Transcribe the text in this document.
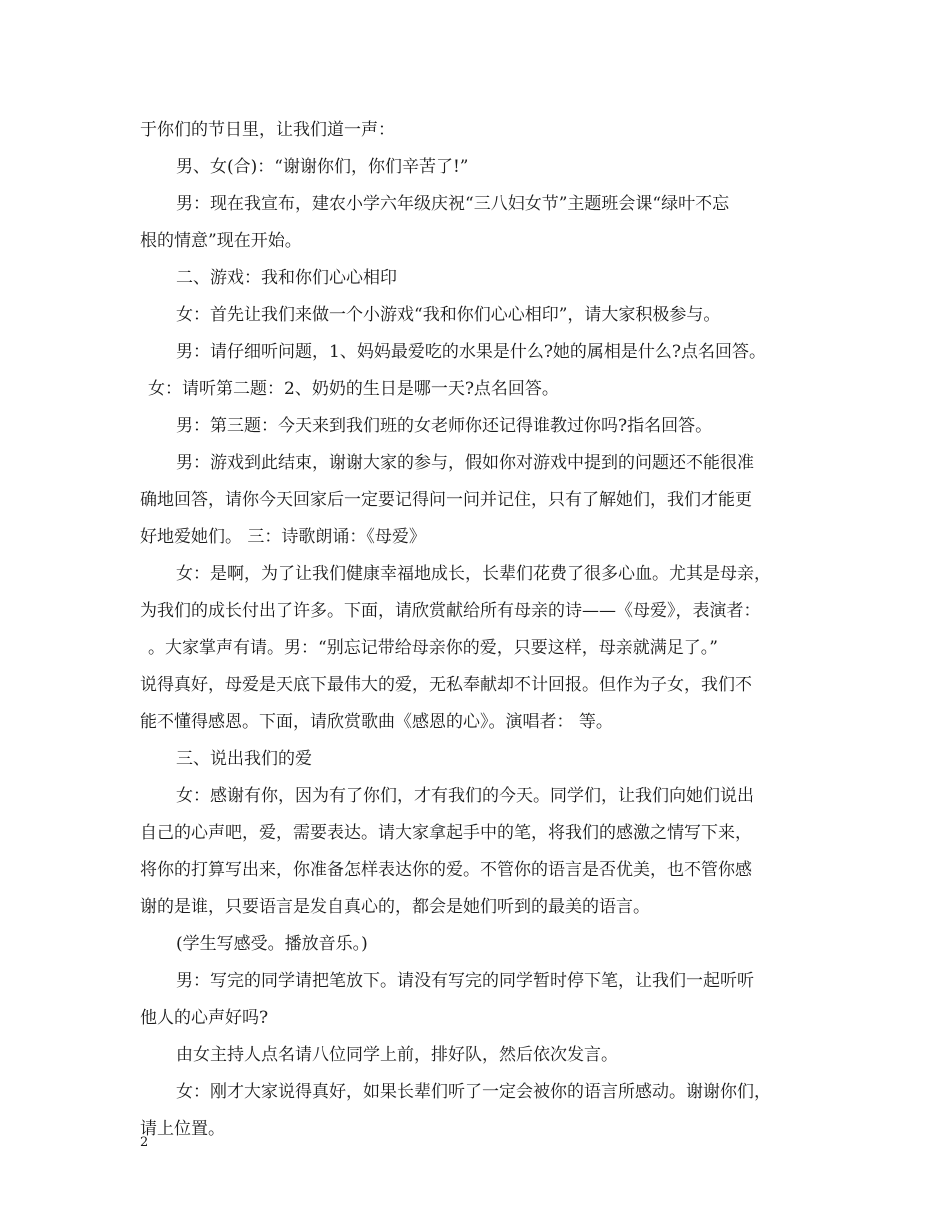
于你们的节日里，让我们道一声：
男、女(合)：“谢谢你们，你们辛苦了!”
男：现在我宣布，建农小学六年级庆祝“三八妇女节”主题班会课“绿叶不忘
根的情意”现在开始。
二、游戏：我和你们心心相印
女：首先让我们来做一个小游戏“我和你们心心相印”，请大家积极参与。
男：请仔细听问题，1、妈妈最爱吃的水果是什么?她的属相是什么?点名回答。
女：请听第二题：2、奶奶的生日是哪一天?点名回答。
男：第三题：今天来到我们班的女老师你还记得谁教过你吗?指名回答。
男：游戏到此结束，谢谢大家的参与，假如你对游戏中提到的问题还不能很准
确地回答，请你今天回家后一定要记得问一问并记住，只有了解她们，我们才能更
好地爱她们。 三：诗歌朗诵：《母爱》
女：是啊，为了让我们健康幸福地成长，长辈们花费了很多心血。尤其是母亲，
为我们的成长付出了许多。下面，请欣赏献给所有母亲的诗——《母爱》，表演者：
。大家掌声有请。男：“别忘记带给母亲你的爱，只要这样，母亲就满足了。”
说得真好，母爱是天底下最伟大的爱，无私奉献却不计回报。但作为子女，我们不
能不懂得感恩。下面，请欣赏歌曲《感恩的心》。演唱者： 等。
三、说出我们的爱
女：感谢有你，因为有了你们，才有我们的今天。同学们，让我们向她们说出
自己的心声吧，爱，需要表达。请大家拿起手中的笔，将我们的感激之情写下来，
将你的打算写出来，你准备怎样表达你的爱。不管你的语言是否优美，也不管你感
谢的是谁，只要语言是发自真心的，都会是她们听到的最美的语言。
(学生写感受。播放音乐。)
男：写完的同学请把笔放下。请没有写完的同学暂时停下笔，让我们一起听听
他人的心声好吗?
由女主持人点名请八位同学上前，排好队，然后依次发言。
女：刚才大家说得真好，如果长辈们听了一定会被你的语言所感动。谢谢你们，
请上位置。
2
